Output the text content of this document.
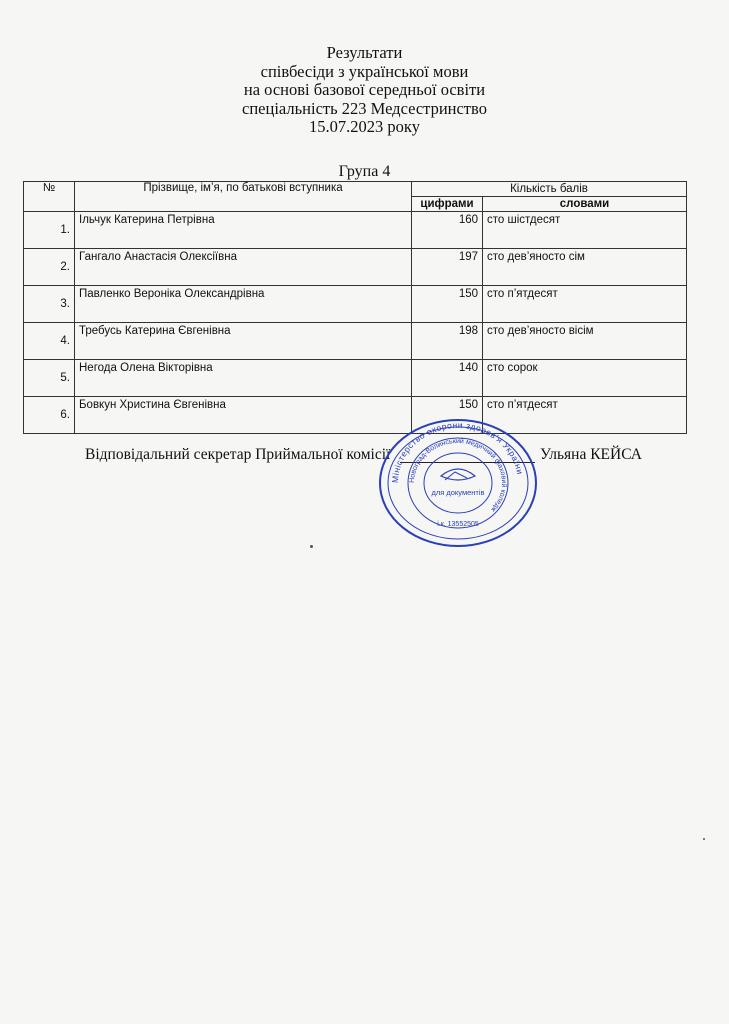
Результати
співбесіди з української мови
на основі базової середньої освіти
спеціальність 223 Медсестринство
15.07.2023 року
Група 4
№	Прізвище, ім’я, по батькові вступника	Кількість балів	
		цифрами	словами
1.	Ільчук Катерина Петрівна	160	сто шістдесят
2.	Гангало Анастасія Олексіївна	197	сто дев’яносто сім
3.	Павленко Вероніка Олександрівна	150	сто п’ятдесят
4.	Требусь Катерина Євгенівна	198	сто дев’яносто вісім
5.	Негода Олена Вікторівна	140	сто сорок
6.	Бовкун Христина Євгенівна	150	сто п’ятдесят
Відповідальний секретар Приймальної комісії	Ульяна КЕЙСА
Міністерство охорони здоров’я України
Новоград-Волинський медичний фаховий коледж
і.к. 13552505
для документів
